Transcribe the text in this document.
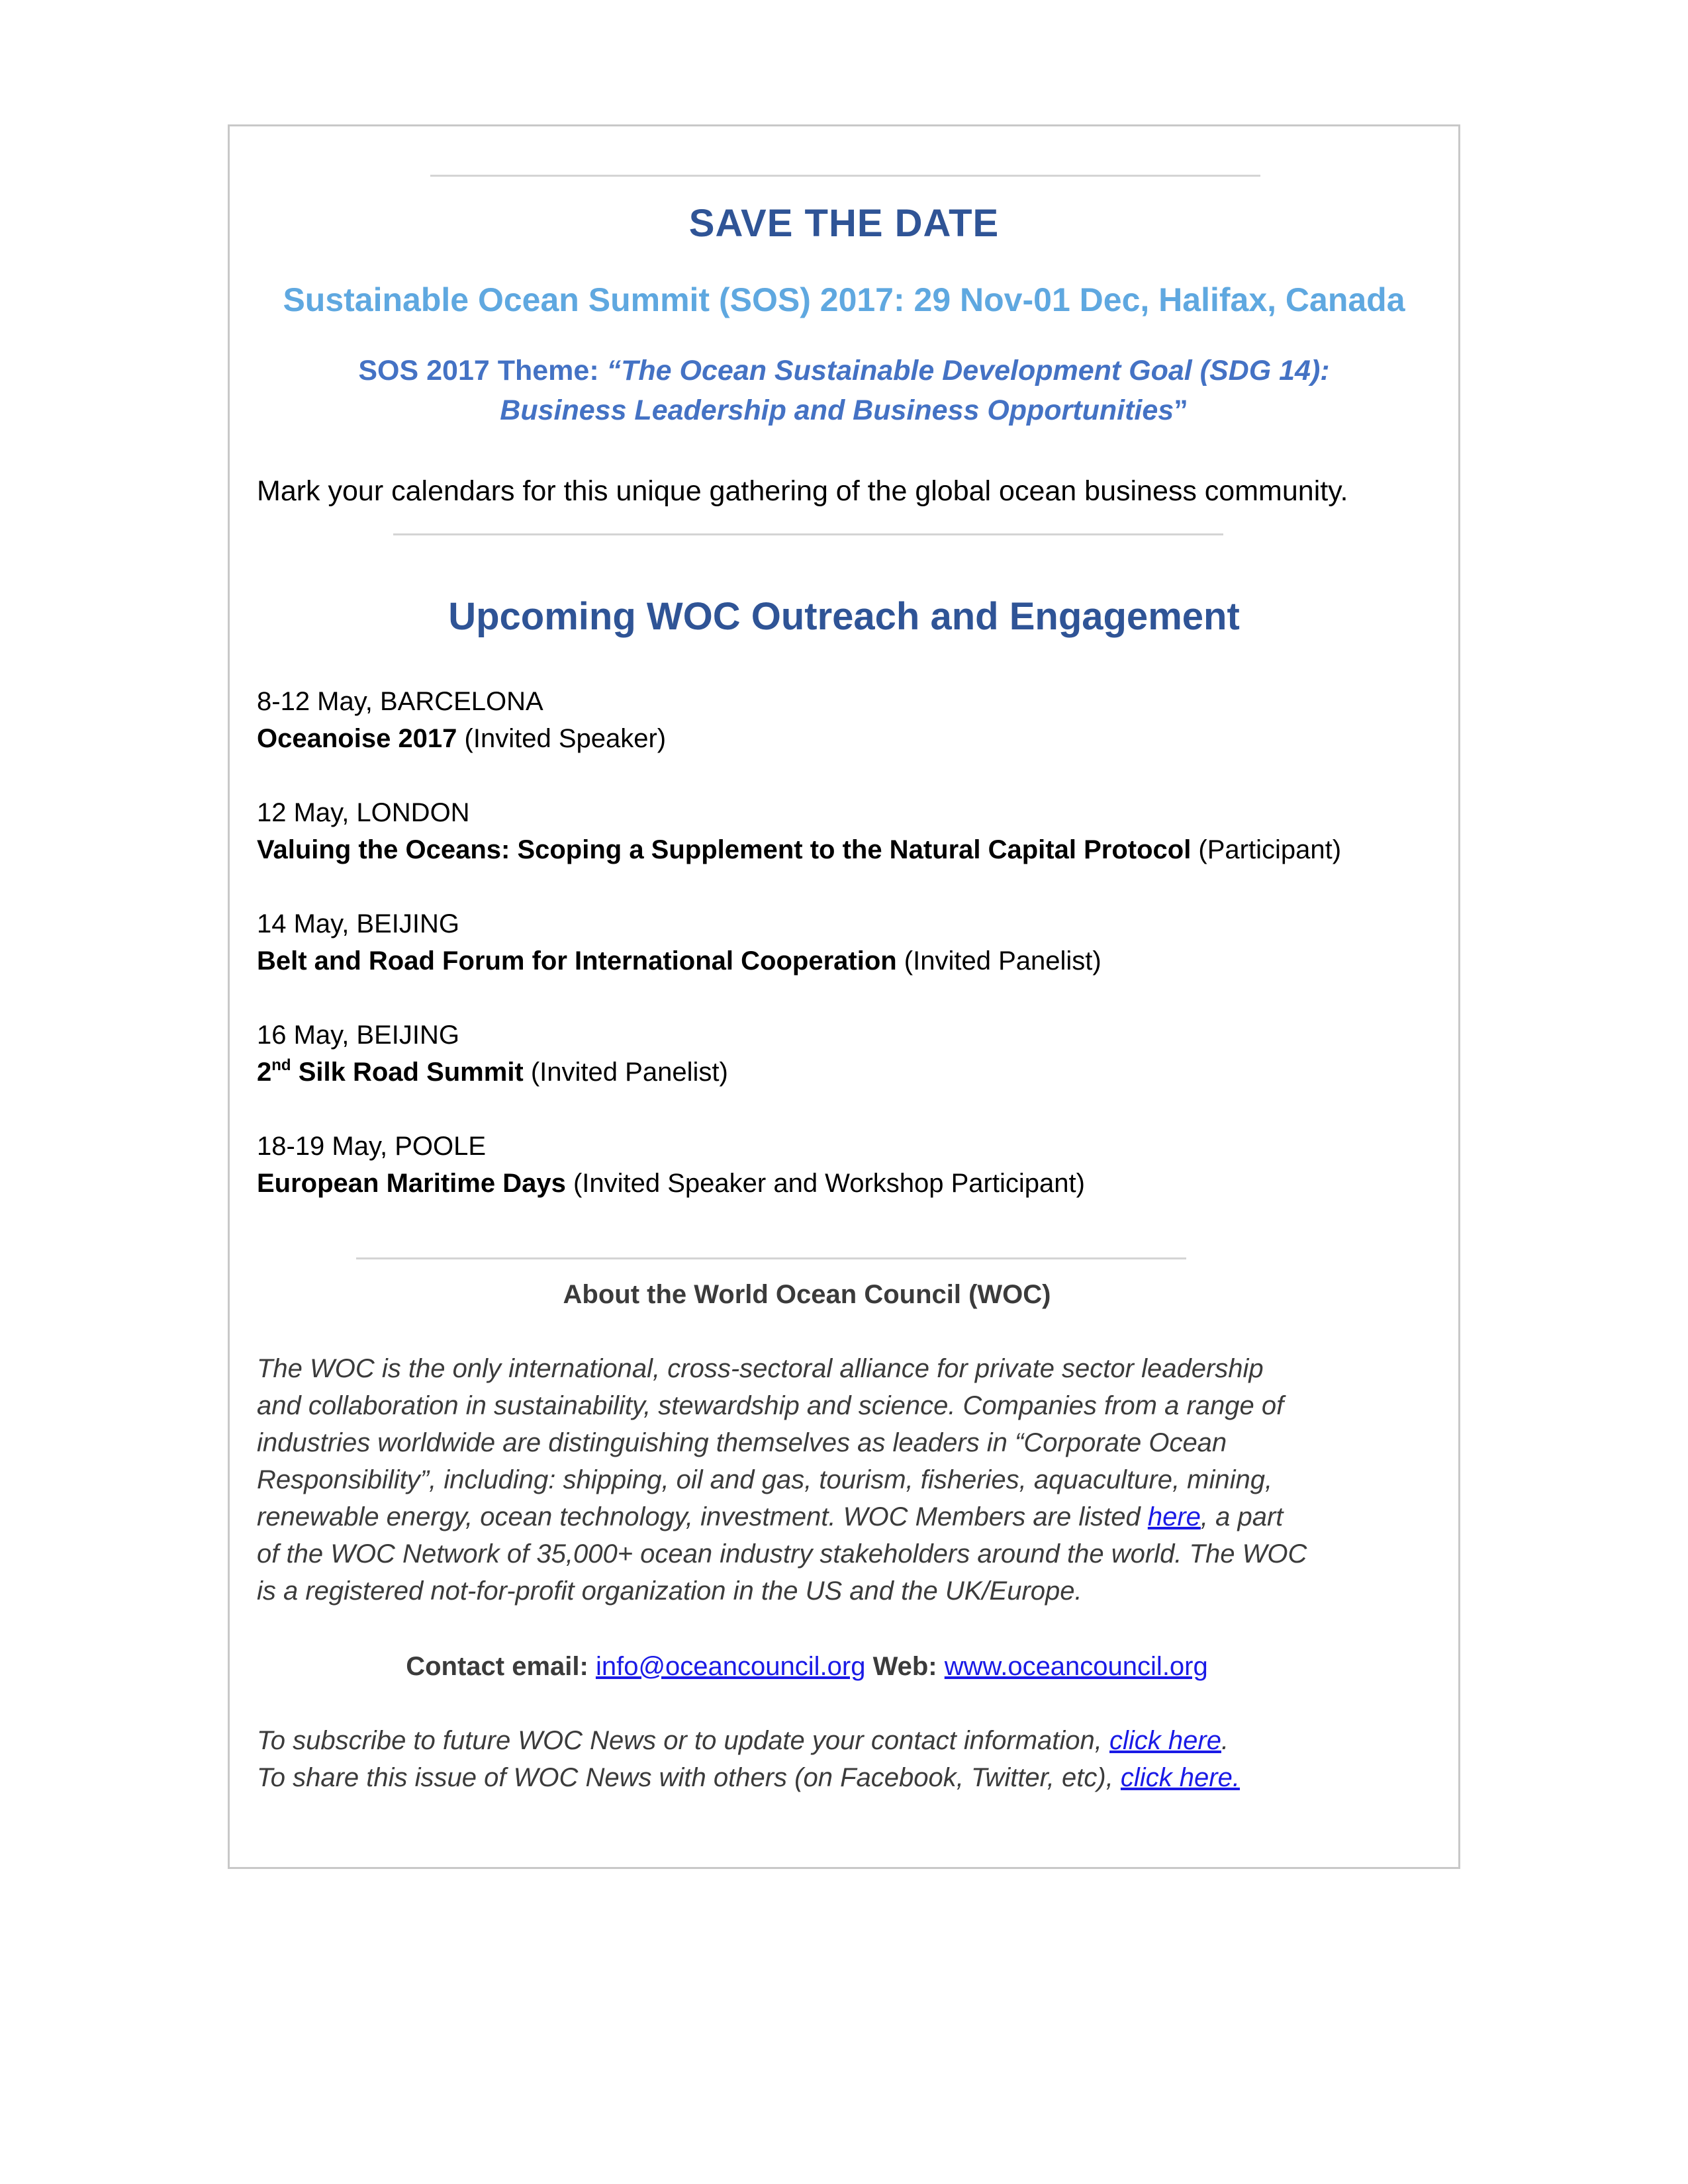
SAVE THE DATE
Sustainable Ocean Summit (SOS) 2017: 29 Nov-01 Dec, Halifax, Canada
SOS 2017 Theme: “The Ocean Sustainable Development Goal (SDG 14):
Business Leadership and Business Opportunities”
Mark your calendars for this unique gathering of the global ocean business community.
Upcoming WOC Outreach and Engagement
8-12 May, BARCELONA
Oceanoise 2017 (Invited Speaker)
12 May, LONDON
Valuing the Oceans: Scoping a Supplement to the Natural Capital Protocol (Participant)
14 May, BEIJING
Belt and Road Forum for International Cooperation (Invited Panelist)
16 May, BEIJING
2nd Silk Road Summit (Invited Panelist)
18-19 May, POOLE
European Maritime Days (Invited Speaker and Workshop Participant)
About the World Ocean Council (WOC)
The WOC is the only international, cross-sectoral alliance for private sector leadership
and collaboration in sustainability, stewardship and science. Companies from a range of
industries worldwide are distinguishing themselves as leaders in “Corporate Ocean
Responsibility”, including: shipping, oil and gas, tourism, fisheries, aquaculture, mining,
renewable energy, ocean technology, investment. WOC Members are listed here, a part
of the WOC Network of 35,000+ ocean industry stakeholders around the world. The WOC
is a registered not-for-profit organization in the US and the UK/Europe.
Contact email: info@oceancouncil.org Web: www.oceancouncil.org
To subscribe to future WOC News or to update your contact information, click here.
To share this issue of WOC News with others (on Facebook, Twitter, etc), click here.
